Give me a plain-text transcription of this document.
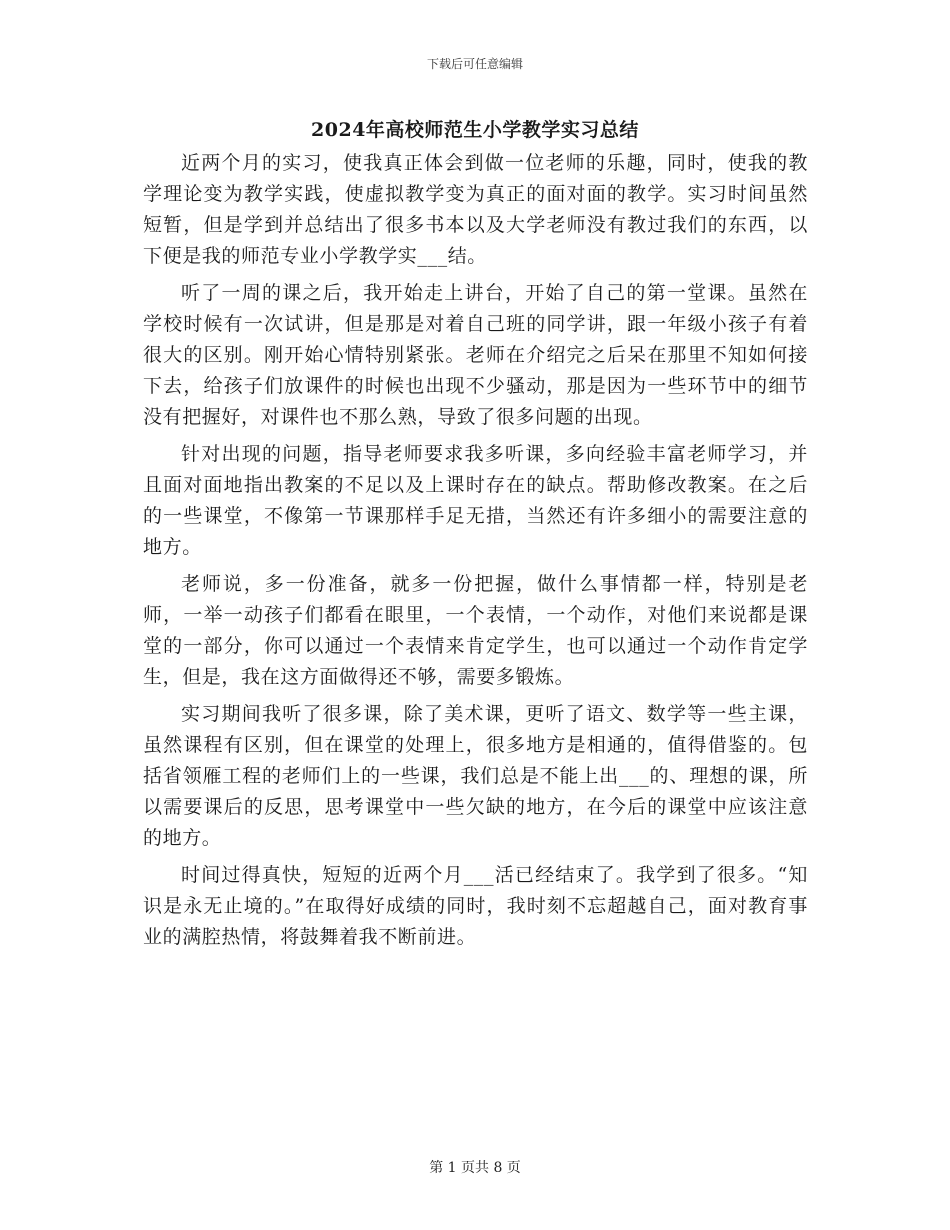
下载后可任意编辑
2024年高校师范生小学教学实习总结

近两个月的实习，使我真正体会到做一位老师的乐趣，同时，使我的教学理论变为教学实践，使虚拟教学变为真正的面对面的教学。实习时间虽然短暂，但是学到并总结出了很多书本以及大学老师没有教过我们的东西，以下便是我的师范专业小学教学实___结。

听了一周的课之后，我开始走上讲台，开始了自己的第一堂课。虽然在学校时候有一次试讲，但是那是对着自己班的同学讲，跟一年级小孩子有着很大的区别。刚开始心情特别紧张。老师在介绍完之后呆在那里不知如何接下去，给孩子们放课件的时候也出现不少骚动，那是因为一些环节中的细节没有把握好，对课件也不那么熟，导致了很多问题的出现。

针对出现的问题，指导老师要求我多听课，多向经验丰富老师学习，并且面对面地指出教案的不足以及上课时存在的缺点。帮助修改教案。在之后的一些课堂，不像第一节课那样手足无措，当然还有许多细小的需要注意的地方。

老师说，多一份准备，就多一份把握，做什么事情都一样，特别是老师，一举一动孩子们都看在眼里，一个表情，一个动作，对他们来说都是课堂的一部分，你可以通过一个表情来肯定学生，也可以通过一个动作肯定学生，但是，我在这方面做得还不够，需要多锻炼。

实习期间我听了很多课，除了美术课，更听了语文、数学等一些主课，虽然课程有区别，但在课堂的处理上，很多地方是相通的，值得借鉴的。包括省领雁工程的老师们上的一些课，我们总是不能上出___的、理想的课，所以需要课后的反思，思考课堂中一些欠缺的地方，在今后的课堂中应该注意的地方。

时间过得真快，短短的近两个月___活已经结束了。我学到了很多。“知识是永无止境的。”在取得好成绩的同时，我时刻不忘超越自己，面对教育事业的满腔热情，将鼓舞着我不断前进。

第 1 页共 8 页
